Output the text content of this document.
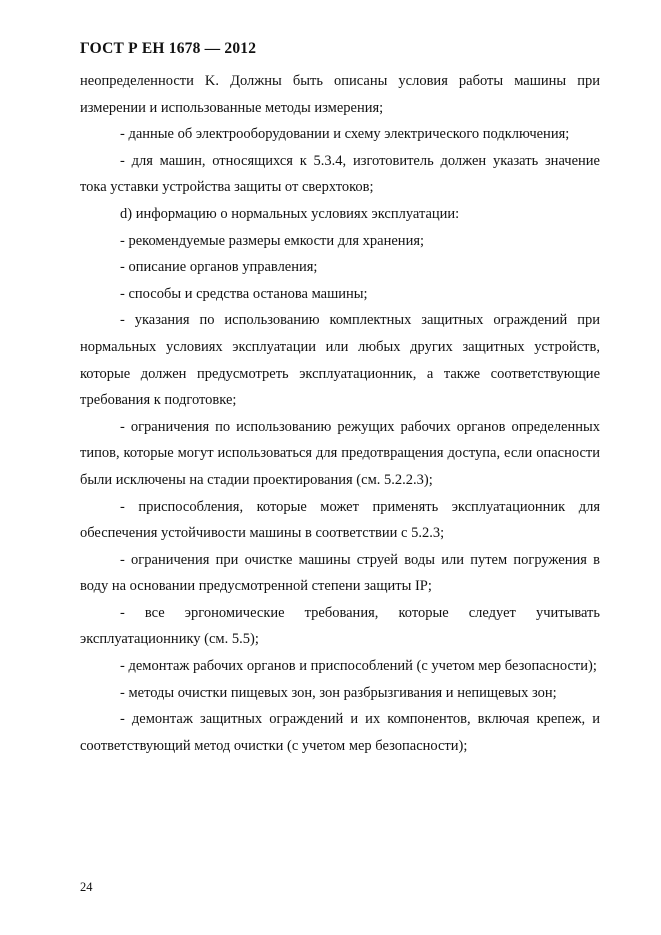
ГОСТ Р ЕН 1678 — 2012

неопределенности K. Должны быть описаны условия работы машины при измерении и использованные методы измерения;

- данные об электрооборудовании и схему электрического подключения;

- для машин, относящихся к 5.3.4, изготовитель должен указать значение тока уставки устройства защиты от сверхтоков;

d) информацию о нормальных условиях эксплуатации:

- рекомендуемые размеры емкости для хранения;

- описание органов управления;

- способы и средства останова машины;

- указания по использованию комплектных защитных ограждений при нормальных условиях эксплуатации или любых других защитных устройств, которые должен предусмотреть эксплуатационник, а также соответствующие требования к подготовке;

- ограничения по использованию режущих рабочих органов определенных типов, которые могут использоваться для предотвращения доступа, если опасности были исключены на стадии проектирования (см. 5.2.2.3);

- приспособления, которые может применять эксплуатационник для обеспечения устойчивости машины в соответствии с 5.2.3;

- ограничения при очистке машины струей воды или путем погружения в воду на основании предусмотренной степени защиты IP;

- все эргономические требования, которые следует учитывать эксплуатационнику (см. 5.5);

- демонтаж рабочих органов и приспособлений (с учетом мер безопасности);

- методы очистки пищевых зон, зон разбрызгивания и непищевых зон;

- демонтаж защитных ограждений и их компонентов, включая крепеж, и соответствующий метод очистки (с учетом мер безопасности);

24
